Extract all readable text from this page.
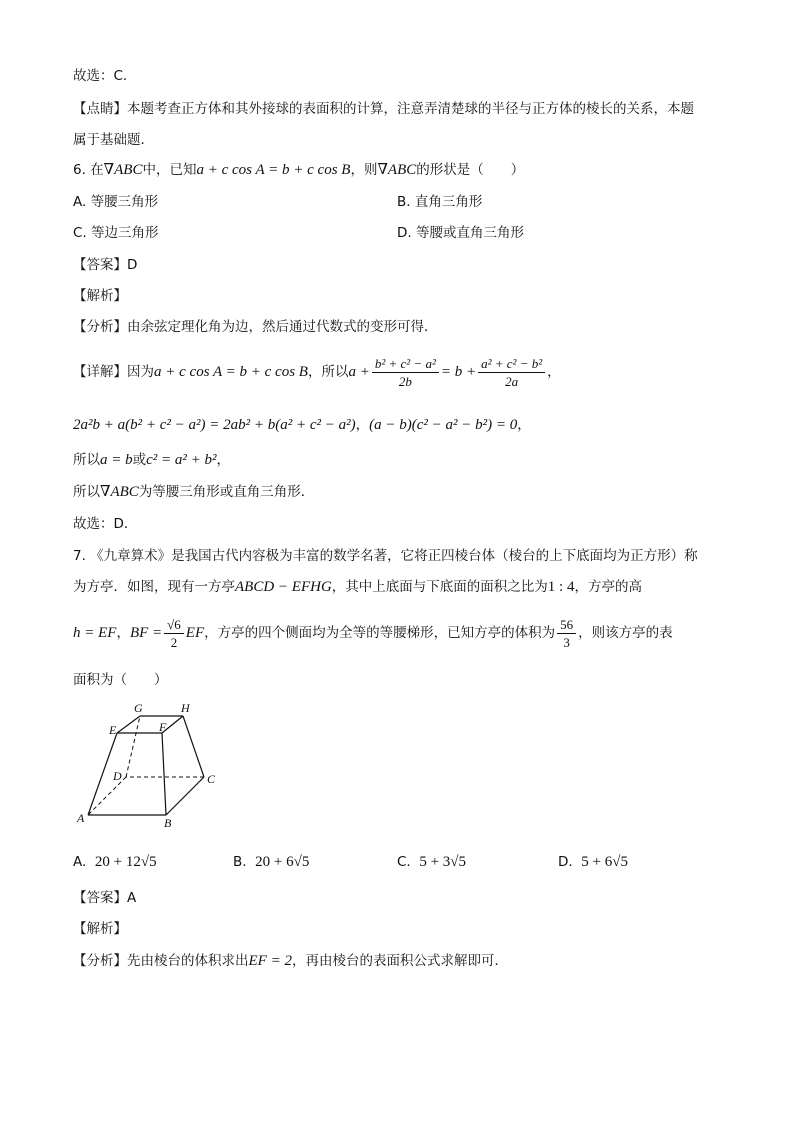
故选：C．
【点睛】本题考查正方体和其外接球的表面积的计算，注意弄清楚球的半径与正方体的棱长的关系，本题
属于基础题．
6. 在∇ABC中，已知a + c cos A = b + c cos B，则∇ABC的形状是（　　）
A. 等腰三角形	B. 直角三角形
C. 等边三角形	D. 等腰或直角三角形
【答案】D
【解析】
【分析】由余弦定理化角为边，然后通过代数式的变形可得．
【详解】因为a + c cos A = b + c cos B，所以$a + \frac{\text{b² + c² − a²}}{2b} = b + \frac{\text{a² + c² − b²}}{2a}$ ，
2a²b + a(b² + c² − a²) = 2ab² + b(a² + c² − a²)，(a − b)(c² − a² − b²) = 0，
所以a = b或c² = a² + b²，
所以∇ABC为等腰三角形或直角三角形．
故选：D．
7. 《九章算术》是我国古代内容极为丰富的数学名著，它将正四棱台体（棱台的上下底面均为正方形）称
为方亭．如图，现有一方亭ABCD − EFHG，其中上底面与下底面的面积之比为1 : 4，方亭的高
h = EF，BF = $\frac{√6}{2}$ EF，方亭的四个侧面均为全等的等腰梯形，已知方亭的体积为 $\frac{56}{3}$ ，则该方亭的表
面积为（　　）
G	H
E	F
D	C
A	B
A. 20 + 12√5	B. 20 + 6√5	C. 5 + 3√5	D. 5 + 6√5
【答案】A
【解析】
【分析】先由棱台的体积求出EF = 2，再由棱台的表面积公式求解即可．
